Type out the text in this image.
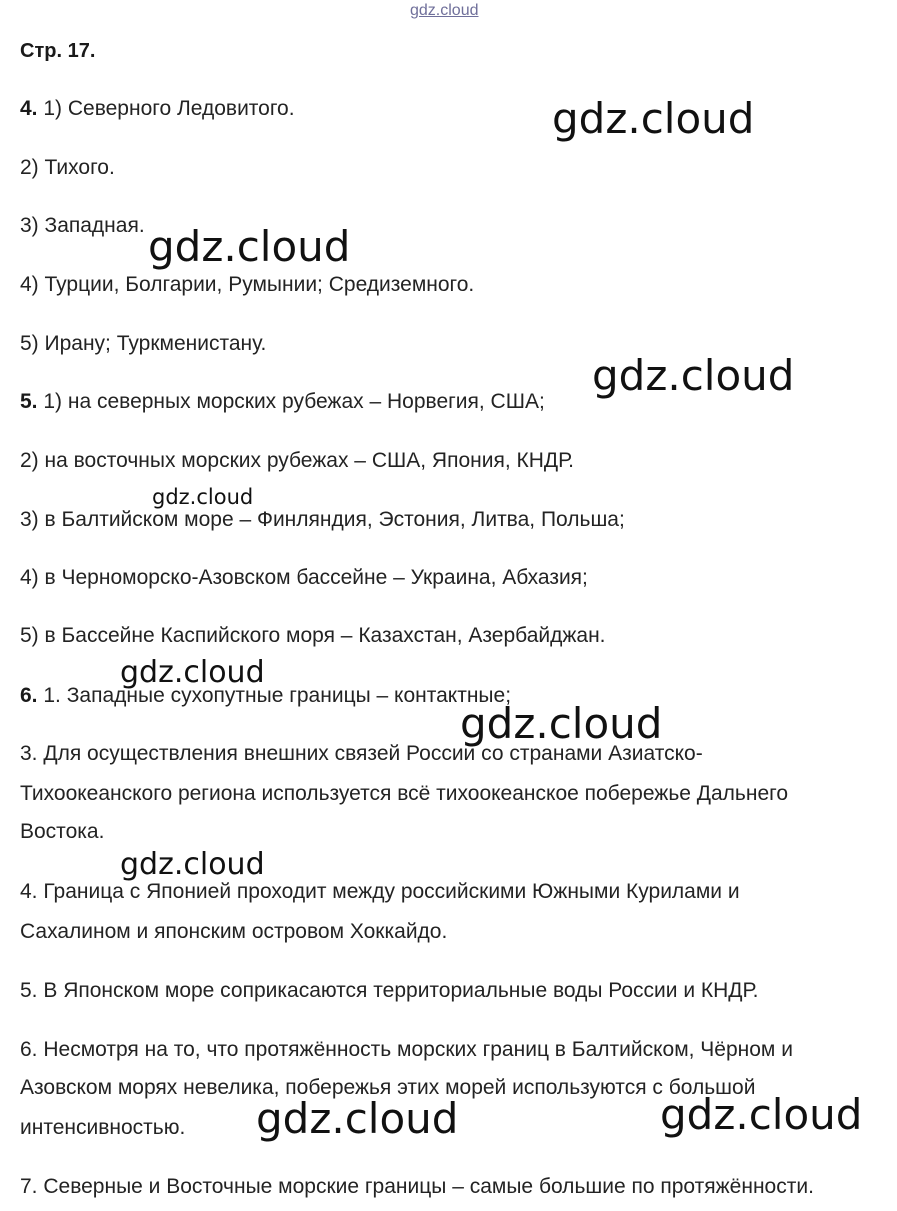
gdz.cloud
Стр. 17.
4. 1) Северного Ледовитого.
2) Тихого.
3) Западная.
4) Турции, Болгарии, Румынии; Средиземного.
5) Ирану; Туркменистану.
5. 1) на северных морских рубежах – Норвегия, США;
2) на восточных морских рубежах – США, Япония, КНДР.
3) в Балтийском море – Финляндия, Эстония, Литва, Польша;
4) в Черноморско-Азовском бассейне – Украина, Абхазия;
5) в Бассейне Каспийского моря – Казахстан, Азербайджан.
6. 1. Западные сухопутные границы – контактные;
3. Для осуществления внешних связей России со странами Азиатско-
Тихоокеанского региона используется всё тихоокеанское побережье Дальнего
Востока.
4. Граница с Японией проходит между российскими Южными Курилами и
Сахалином и японским островом Хоккайдо.
5. В Японском море соприкасаются территориальные воды России и КНДР.
6. Несмотря на то, что протяжённость морских границ в Балтийском, Чёрном и
Азовском морях невелика, побережья этих морей используются с большой
интенсивностью.
7. Северные и Восточные морские границы – самые большие по протяжённости.
gdz.cloud
gdz.cloud
gdz.cloud
gdz.cloud
gdz.cloud
gdz.cloud
gdz.cloud
gdz.cloud	gdz.cloud
